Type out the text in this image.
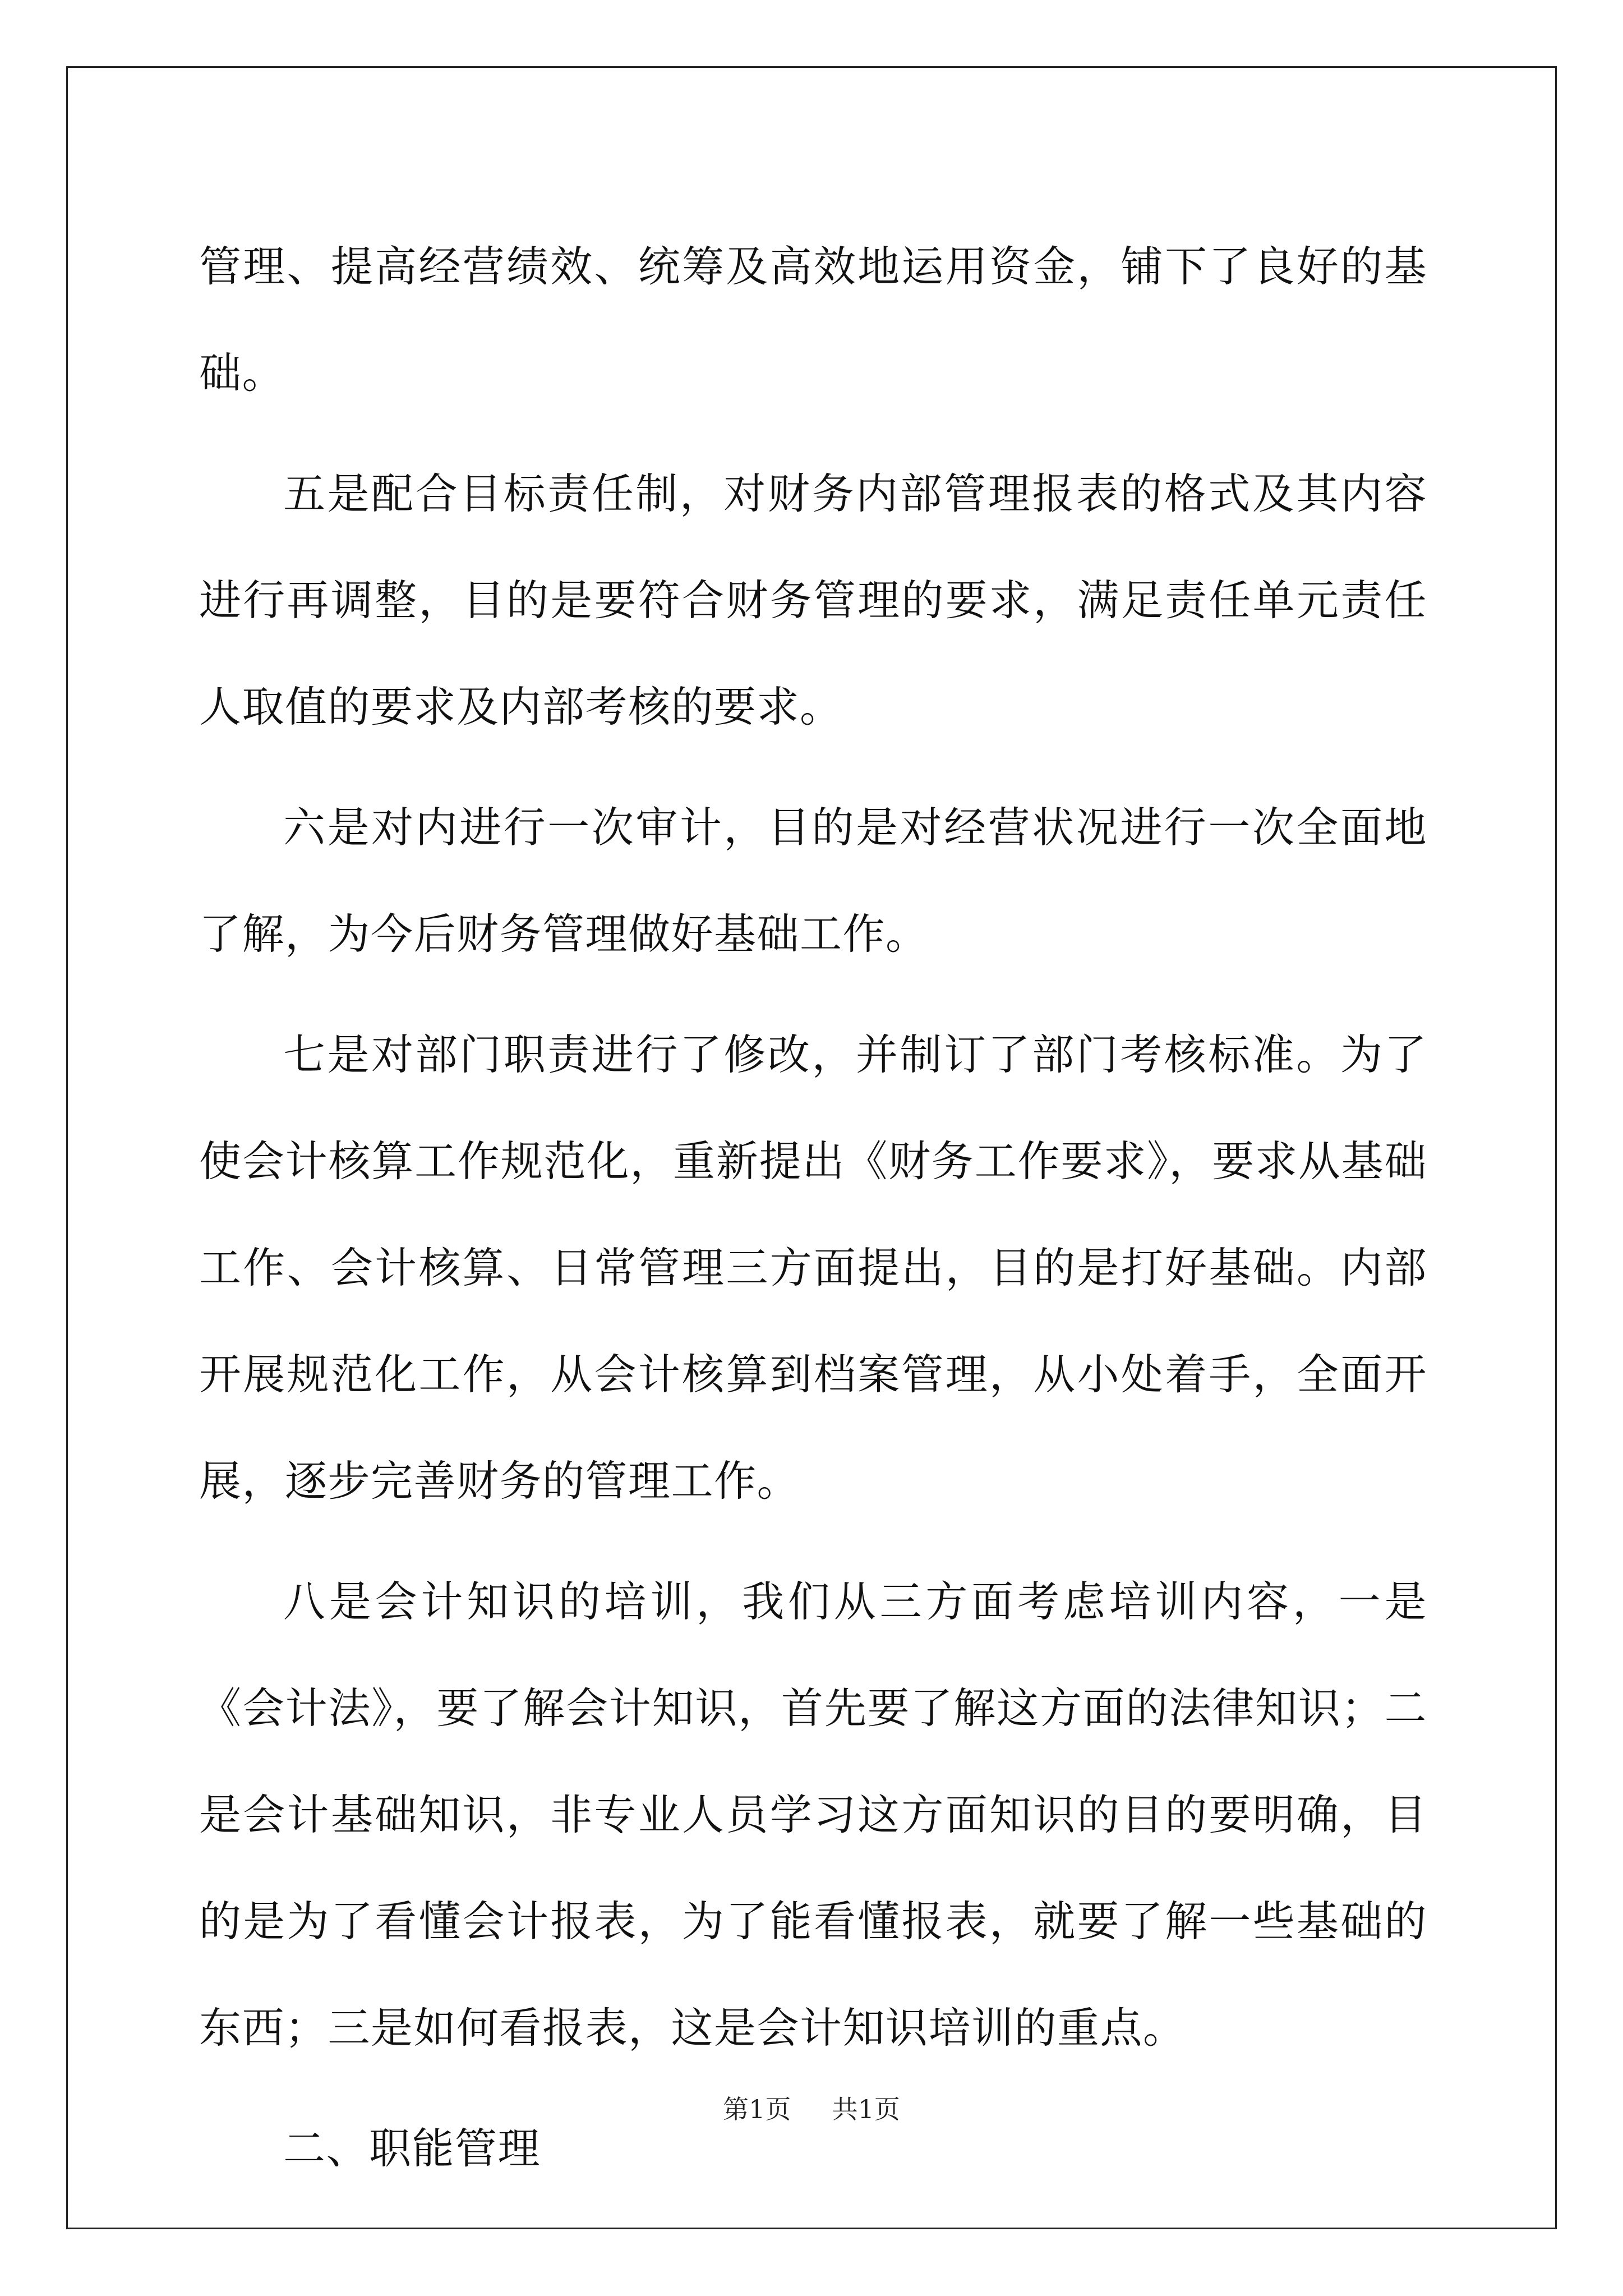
管理、提高经营绩效、统筹及高效地运用资金，铺下了良好的基础。

五是配合目标责任制，对财务内部管理报表的格式及其内容进行再调整，目的是要符合财务管理的要求，满足责任单元责任人取值的要求及内部考核的要求。

六是对内进行一次审计，目的是对经营状况进行一次全面地了解，为今后财务管理做好基础工作。

七是对部门职责进行了修改，并制订了部门考核标准。为了使会计核算工作规范化，重新提出《财务工作要求》，要求从基础工作、会计核算、日常管理三方面提出，目的是打好基础。内部开展规范化工作，从会计核算到档案管理，从小处着手，全面开展，逐步完善财务的管理工作。

八是会计知识的培训，我们从三方面考虑培训内容，一是《会计法》，要了解会计知识，首先要了解这方面的法律知识；二是会计基础知识，非专业人员学习这方面知识的目的要明确，目的是为了看懂会计报表，为了能看懂报表，就要了解一些基础的东西；三是如何看报表，这是会计知识培训的重点。

二、职能管理

第1页 共1页
